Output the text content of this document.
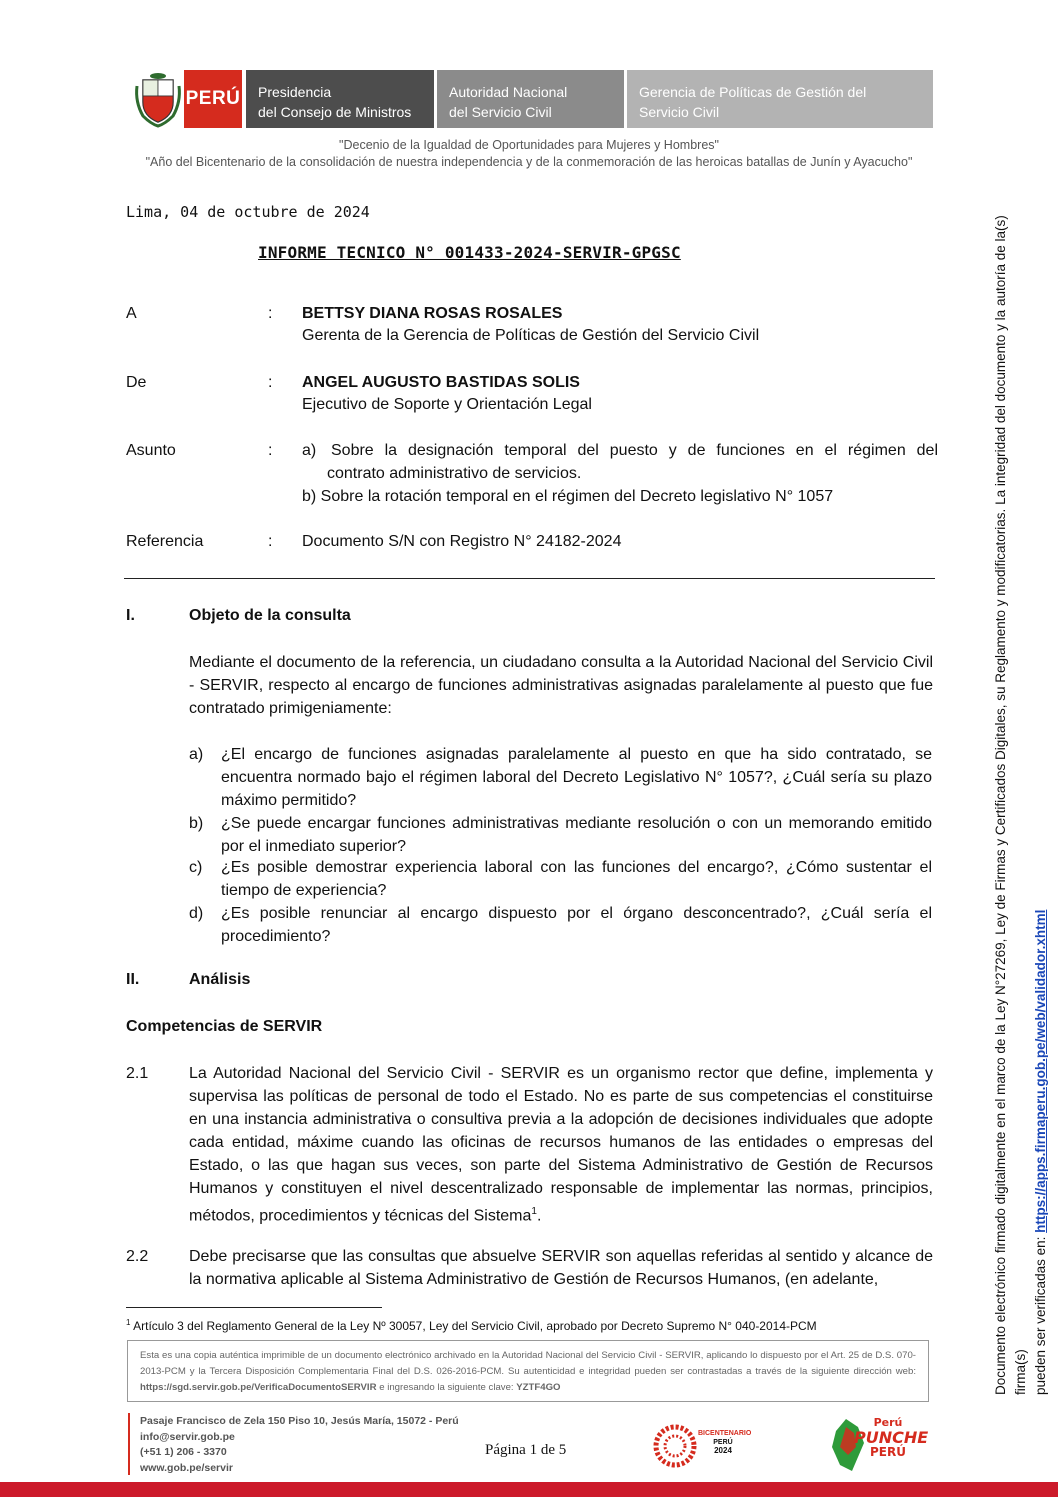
PERÚ Presidencia
del Consejo de Ministros
Autoridad Nacional
del Servicio Civil
Gerencia de Políticas de Gestión del
Servicio Civil
"Decenio de la Igualdad de Oportunidades para Mujeres y Hombres"
"Año del Bicentenario de la consolidación de nuestra independencia y de la conmemoración de las heroicas batallas de Junín y Ayacucho"
Lima, 04 de octubre de 2024
INFORME TECNICO N° 001433-2024-SERVIR-GPGSC
A	: BETTSY DIANA ROSAS ROSALES
Gerenta de la Gerencia de Políticas de Gestión del Servicio Civil
De	: ANGEL AUGUSTO BASTIDAS SOLIS
Ejecutivo de Soporte y Orientación Legal
Asunto	: a) Sobre la designación temporal del puesto y de funciones en el régimen del
contrato administrativo de servicios.
b) Sobre la rotación temporal en el régimen del Decreto legislativo N° 1057
Referencia	: Documento S/N con Registro N° 24182-2024
I.	Objeto de la consulta
Mediante el documento de la referencia, un ciudadano consulta a la Autoridad Nacional del Servicio Civil - SERVIR, respecto al encargo de funciones administrativas asignadas paralelamente al puesto que fue contratado primigeniamente:
a) ¿El encargo de funciones asignadas paralelamente al puesto en que ha sido contratado, se encuentra normado bajo el régimen laboral del Decreto Legislativo N° 1057?, ¿Cuál sería su plazo máximo permitido?
b) ¿Se puede encargar funciones administrativas mediante resolución o con un memorando emitido por el inmediato superior?
c) ¿Es posible demostrar experiencia laboral con las funciones del encargo?, ¿Cómo sustentar el tiempo de experiencia?
d) ¿Es posible renunciar al encargo dispuesto por el órgano desconcentrado?, ¿Cuál sería el procedimiento?
II.	Análisis
Competencias de SERVIR
2.1	La Autoridad Nacional del Servicio Civil - SERVIR es un organismo rector que define, implementa y supervisa las políticas de personal de todo el Estado. No es parte de sus competencias el constituirse en una instancia administrativa o consultiva previa a la adopción de decisiones individuales que adopte cada entidad, máxime cuando las oficinas de recursos humanos de las entidades o empresas del Estado, o las que hagan sus veces, son parte del Sistema Administrativo de Gestión de Recursos Humanos y constituyen el nivel descentralizado responsable de implementar las normas, principios, métodos, procedimientos y técnicas del Sistema$^1$.
2.2	Debe precisarse que las consultas que absuelve SERVIR son aquellas referidas al sentido y alcance de la normativa aplicable al Sistema Administrativo de Gestión de Recursos Humanos, (en adelante,
$^1$ Artículo 3 del Reglamento General de la Ley Nº 30057, Ley del Servicio Civil, aprobado por Decreto Supremo N° 040-2014-PCM
Esta es una copia auténtica imprimible de un documento electrónico archivado en la Autoridad Nacional del Servicio Civil - SERVIR, aplicando lo dispuesto por el Art. 25 de D.S. 070-2013-PCM y la Tercera Disposición Complementaria Final del D.S. 026-2016-PCM. Su autenticidad e integridad pueden ser contrastadas a través de la siguiente dirección web: https://sgd.servir.gob.pe/VerificaDocumentoSERVIR e ingresando la siguiente clave: YZTF4GO
Pasaje Francisco de Zela 150 Piso 10, Jesús María, 15072 - Perú
info@servir.gob.pe
(+51 1) 206 - 3370
www.gob.pe/servir
Página 1 de 5
BICENTENARIO
PERÚ
2024
Perú
PUNCHE
PERÚ
Documento electrónico firmado digitalmente en el marco de la Ley N°27269, Ley de Firmas y Certificados Digitales, su Reglamento y modificatorias. La integridad del documento y la autoría de la(s) firma(s) pueden ser verificadas en: https://apps.firmaperu.gob.pe/web/validador.xhtml
